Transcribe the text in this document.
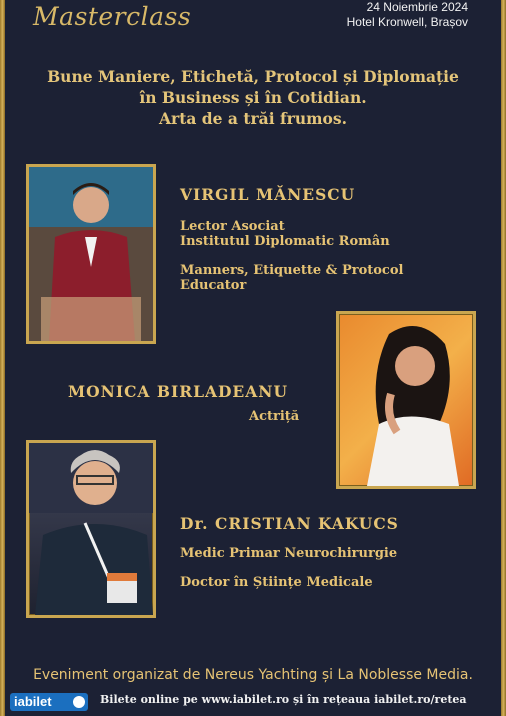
Masterclass	24 Noiembrie 2024
Hotel Kronwell, Brașov
Bune Maniere, Etichetă, Protocol și Diplomație
în Business și în Cotidian.
Arta de a trăi frumos.
VIRGIL MĂNESCU
Lector Asociat
Institutul Diplomatic Român
Manners, Etiquette & Protocol
Educator
MONICA BIRLADEANU
Actriță
Dr. CRISTIAN KAKUCS
Medic Primar Neurochirurgie
Doctor în Științe Medicale
Eveniment organizat de Nereus Yachting și La Noblesse Media.
iabilet	Bilete online pe www.iabilet.ro și în rețeaua iabilet.ro/retea
